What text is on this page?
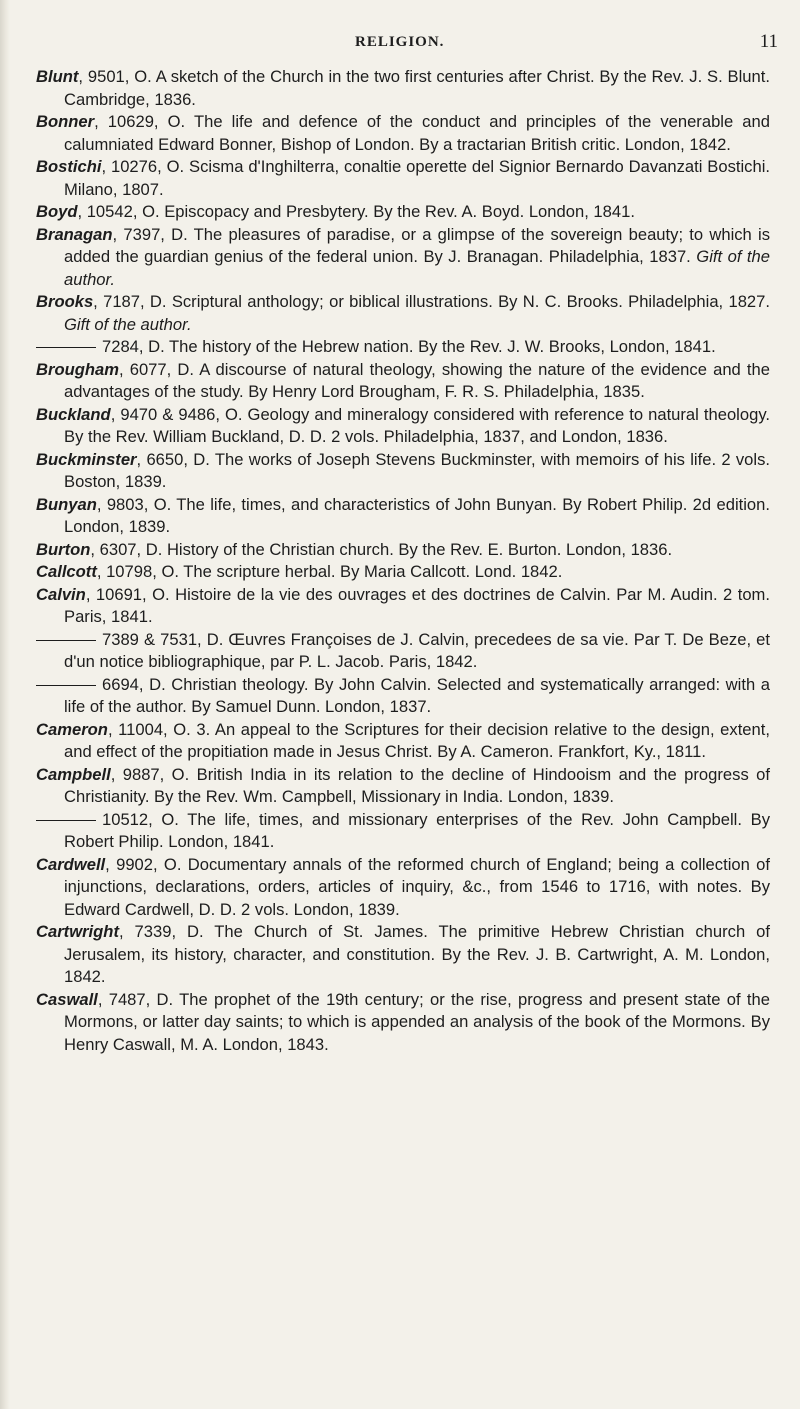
RELIGION.	11

Blunt, 9501, O. A sketch of the Church in the two first centuries after Christ. By the Rev. J. S. Blunt. Cambridge, 1836.

Bonner, 10629, O. The life and defence of the conduct and principles of the venerable and calumniated Edward Bonner, Bishop of London. By a tractarian British critic. London, 1842.

Bostichi, 10276, O. Scisma d'Inghilterra, conaltie operette del Signior Bernardo Davanzati Bostichi. Milano, 1807.

Boyd, 10542, O. Episcopacy and Presbytery. By the Rev. A. Boyd. London, 1841.

Branagan, 7397, D. The pleasures of paradise, or a glimpse of the sovereign beauty; to which is added the guardian genius of the federal union. By J. Branagan. Philadelphia, 1837. Gift of the author.

Brooks, 7187, D. Scriptural anthology; or biblical illustrations. By N. C. Brooks. Philadelphia, 1827. Gift of the author.

7284, D. The history of the Hebrew nation. By the Rev. J. W. Brooks, London, 1841.

Brougham, 6077, D. A discourse of natural theology, showing the nature of the evidence and the advantages of the study. By Henry Lord Brougham, F. R. S. Philadelphia, 1835.

Buckland, 9470 & 9486, O. Geology and mineralogy considered with reference to natural theology. By the Rev. William Buckland, D. D. 2 vols. Philadelphia, 1837, and London, 1836.

Buckminster, 6650, D. The works of Joseph Stevens Buckminster, with memoirs of his life. 2 vols. Boston, 1839.

Bunyan, 9803, O. The life, times, and characteristics of John Bunyan. By Robert Philip. 2d edition. London, 1839.

Burton, 6307, D. History of the Christian church. By the Rev. E. Burton. London, 1836.

Callcott, 10798, O. The scripture herbal. By Maria Callcott. Lond. 1842.

Calvin, 10691, O. Histoire de la vie des ouvrages et des doctrines de Calvin. Par M. Audin. 2 tom. Paris, 1841.

7389 & 7531, D. Œuvres Françoises de J. Calvin, precedees de sa vie. Par T. De Beze, et d'un notice bibliographique, par P. L. Jacob. Paris, 1842.

6694, D. Christian theology. By John Calvin. Selected and systematically arranged: with a life of the author. By Samuel Dunn. London, 1837.

Cameron, 11004, O. 3. An appeal to the Scriptures for their decision relative to the design, extent, and effect of the propitiation made in Jesus Christ. By A. Cameron. Frankfort, Ky., 1811.

Campbell, 9887, O. British India in its relation to the decline of Hindooism and the progress of Christianity. By the Rev. Wm. Campbell, Missionary in India. London, 1839.

10512, O. The life, times, and missionary enterprises of the Rev. John Campbell. By Robert Philip. London, 1841.

Cardwell, 9902, O. Documentary annals of the reformed church of England; being a collection of injunctions, declarations, orders, articles of inquiry, &c., from 1546 to 1716, with notes. By Edward Cardwell, D. D. 2 vols. London, 1839.

Cartwright, 7339, D. The Church of St. James. The primitive Hebrew Christian church of Jerusalem, its history, character, and constitution. By the Rev. J. B. Cartwright, A. M. London, 1842.

Caswall, 7487, D. The prophet of the 19th century; or the rise, progress and present state of the Mormons, or latter day saints; to which is appended an analysis of the book of the Mormons. By Henry Caswall, M. A. London, 1843.
